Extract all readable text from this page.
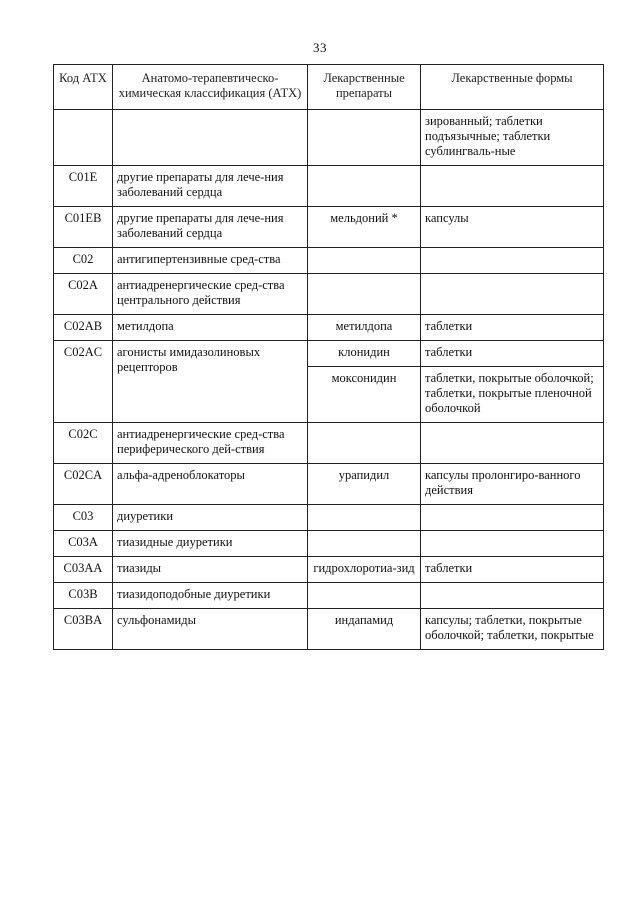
33
Код АТХ	Анатомо-терапевтическо-химическая классификация (АТХ)	Лекарственные препараты	Лекарственные формы
			зированный; таблетки подъязычные; таблетки сублингваль-ные
C01E	другие препараты для лече-ния заболеваний сердца		
C01EB	другие препараты для лече-ния заболеваний сердца	мельдоний *	капсулы
C02	антигипертензивные сред-ства		
C02A	антиадренергические сред-ства центрального действия		
C02AB	метилдопа	метилдопа	таблетки
C02AC	агонисты имидазолиновых рецепторов	клонидин	таблетки
		моксонидин	таблетки, покрытые оболочкой; таблетки, покрытые пленочной оболочкой
C02C	антиадренергические сред-ства периферического дей-ствия		
C02CA	альфа-адреноблокаторы	урапидил	капсулы пролонгиро-ванного действия
C03	диуретики		
C03A	тиазидные диуретики		
C03AA	тиазиды	гидрохлоротиа-зид	таблетки
C03B	тиазидоподобные диуретики		
C03BA	сульфонамиды	индапамид	капсулы; таблетки, покрытые оболочкой; таблетки, покрытые
